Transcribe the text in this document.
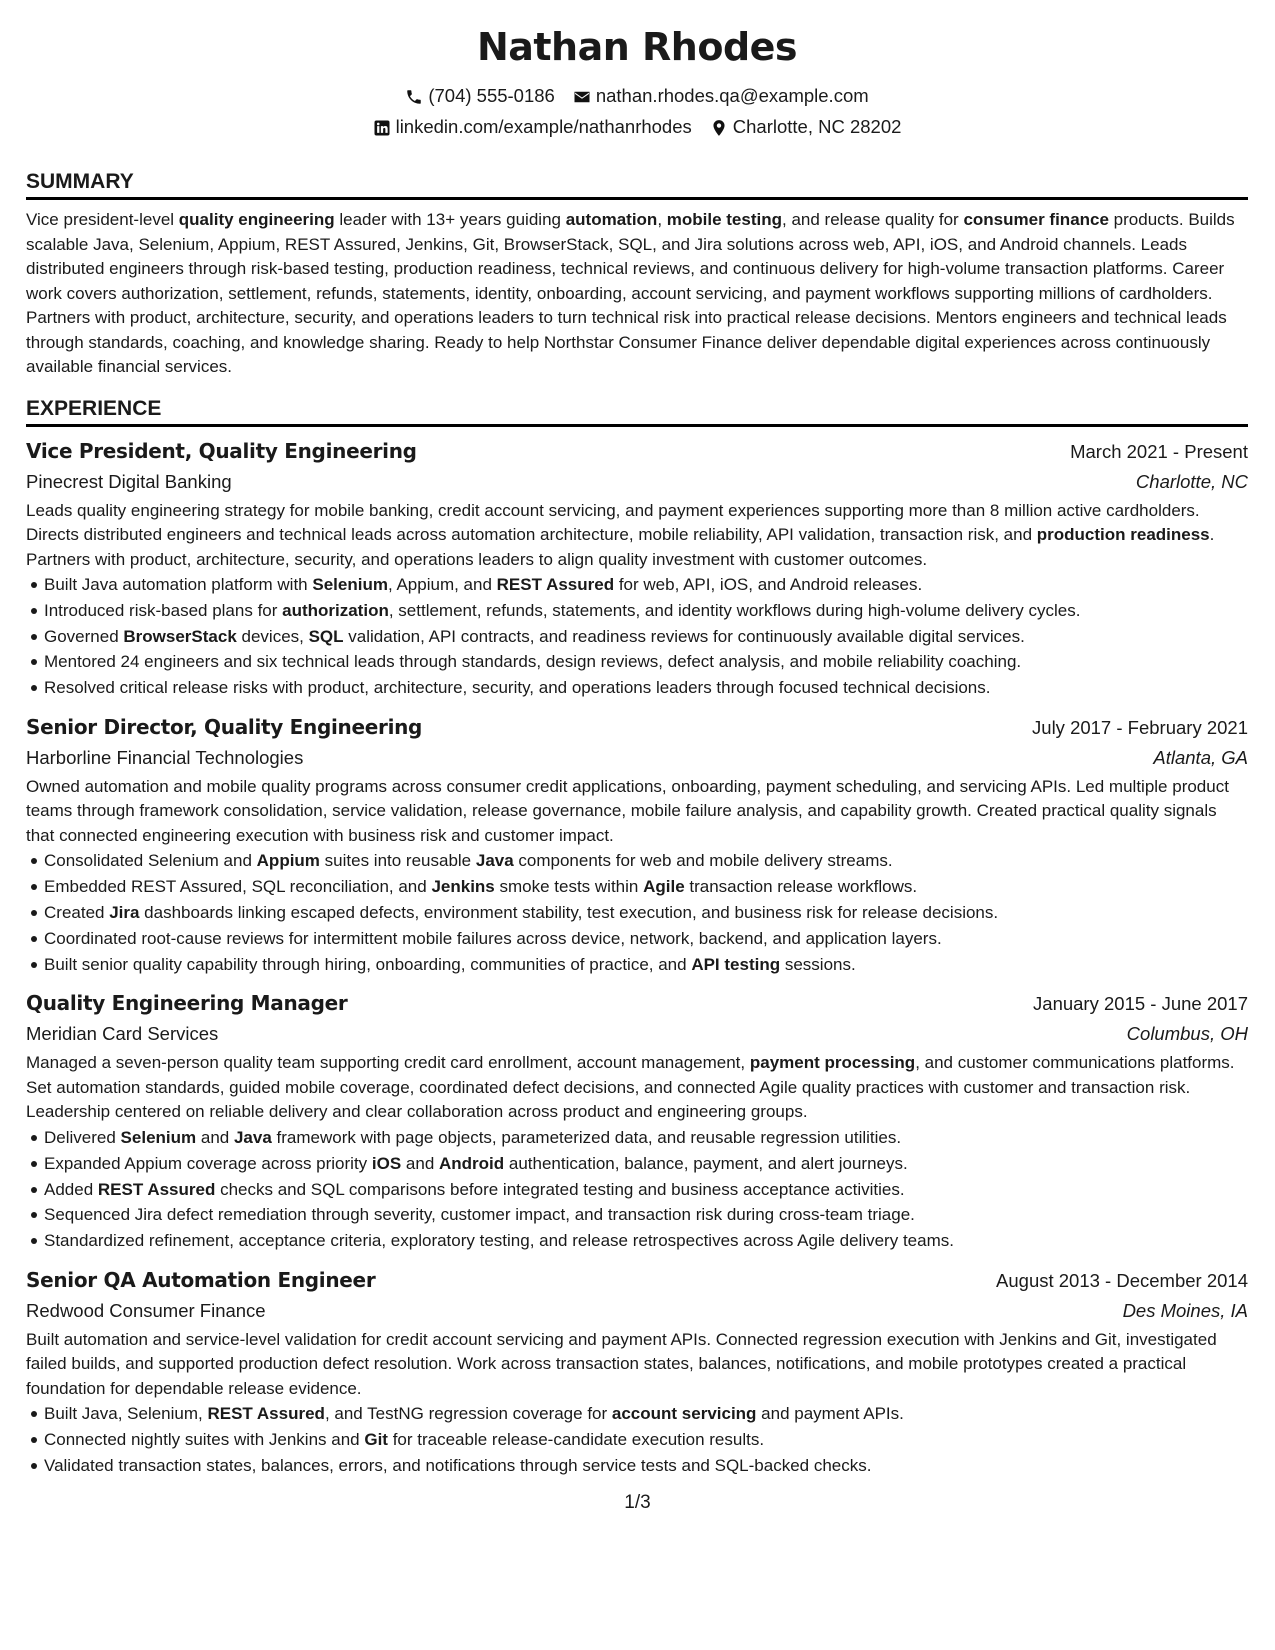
Nathan Rhodes
(704) 555-0186 nathan.rhodes.qa@example.com
linkedin.com/example/nathanrhodes Charlotte, NC 28202
SUMMARY

Vice president-level quality engineering leader with 13+ years guiding automation, mobile testing, and release quality for consumer finance products. Builds scalable Java, Selenium, Appium, REST Assured, Jenkins, Git, BrowserStack, SQL, and Jira solutions across web, API, iOS, and Android channels. Leads distributed engineers through risk-based testing, production readiness, technical reviews, and continuous delivery for high-volume transaction platforms. Career work covers authorization, settlement, refunds, statements, identity, onboarding, account servicing, and payment workflows supporting millions of cardholders. Partners with product, architecture, security, and operations leaders to turn technical risk into practical release decisions. Mentors engineers and technical leads through standards, coaching, and knowledge sharing. Ready to help Northstar Consumer Finance deliver dependable digital experiences across continuously available financial services.

EXPERIENCE
Vice President, Quality Engineering	March 2021 - Present
Pinecrest Digital Banking	Charlotte, NC

Leads quality engineering strategy for mobile banking, credit account servicing, and payment experiences supporting more than 8 million active cardholders. Directs distributed engineers and technical leads across automation architecture, mobile reliability, API validation, transaction risk, and production readiness. Partners with product, architecture, security, and operations leaders to align quality investment with customer outcomes.

Built Java automation platform with Selenium, Appium, and REST Assured for web, API, iOS, and Android releases.
Introduced risk-based plans for authorization, settlement, refunds, statements, and identity workflows during high-volume delivery cycles.
Governed BrowserStack devices, SQL validation, API contracts, and readiness reviews for continuously available digital services.
Mentored 24 engineers and six technical leads through standards, design reviews, defect analysis, and mobile reliability coaching.
Resolved critical release risks with product, architecture, security, and operations leaders through focused technical decisions.
Senior Director, Quality Engineering	July 2017 - February 2021
Harborline Financial Technologies	Atlanta, GA

Owned automation and mobile quality programs across consumer credit applications, onboarding, payment scheduling, and servicing APIs. Led multiple product teams through framework consolidation, service validation, release governance, mobile failure analysis, and capability growth. Created practical quality signals that connected engineering execution with business risk and customer impact.

Consolidated Selenium and Appium suites into reusable Java components for web and mobile delivery streams.
Embedded REST Assured, SQL reconciliation, and Jenkins smoke tests within Agile transaction release workflows.
Created Jira dashboards linking escaped defects, environment stability, test execution, and business risk for release decisions.
Coordinated root-cause reviews for intermittent mobile failures across device, network, backend, and application layers.
Built senior quality capability through hiring, onboarding, communities of practice, and API testing sessions.
Quality Engineering Manager	January 2015 - June 2017
Meridian Card Services	Columbus, OH

Managed a seven-person quality team supporting credit card enrollment, account management, payment processing, and customer communications platforms. Set automation standards, guided mobile coverage, coordinated defect decisions, and connected Agile quality practices with customer and transaction risk. Leadership centered on reliable delivery and clear collaboration across product and engineering groups.

Delivered Selenium and Java framework with page objects, parameterized data, and reusable regression utilities.
Expanded Appium coverage across priority iOS and Android authentication, balance, payment, and alert journeys.
Added REST Assured checks and SQL comparisons before integrated testing and business acceptance activities.
Sequenced Jira defect remediation through severity, customer impact, and transaction risk during cross-team triage.
Standardized refinement, acceptance criteria, exploratory testing, and release retrospectives across Agile delivery teams.
Senior QA Automation Engineer	August 2013 - December 2014
Redwood Consumer Finance	Des Moines, IA

Built automation and service-level validation for credit account servicing and payment APIs. Connected regression execution with Jenkins and Git, investigated failed builds, and supported production defect resolution. Work across transaction states, balances, notifications, and mobile prototypes created a practical foundation for dependable release evidence.

Built Java, Selenium, REST Assured, and TestNG regression coverage for account servicing and payment APIs.
Connected nightly suites with Jenkins and Git for traceable release-candidate execution results.
Validated transaction states, balances, errors, and notifications through service tests and SQL-backed checks.
1/3
